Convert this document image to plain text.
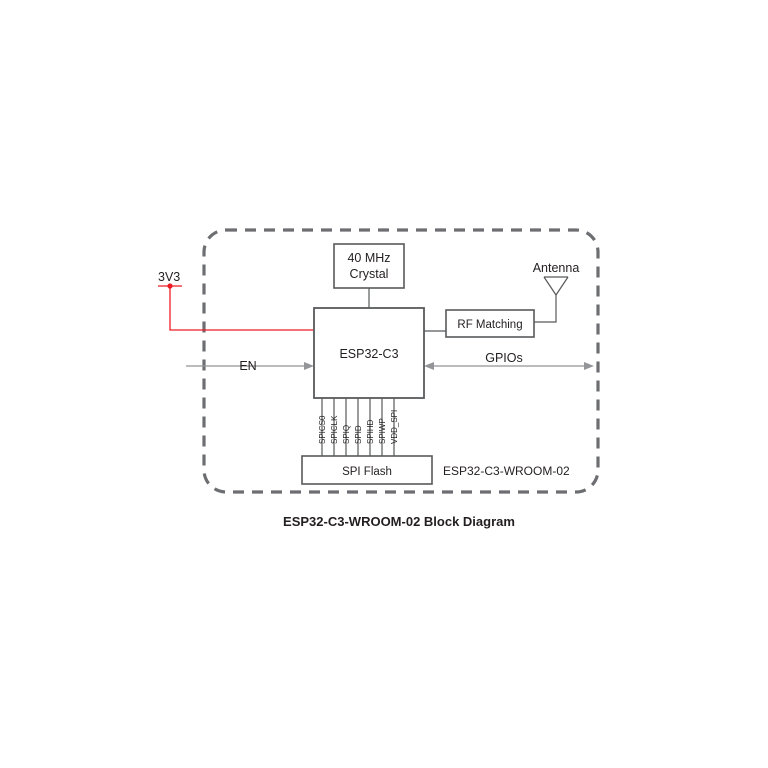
3V3
EN
GPIOs
Antenna
40 MHz
Crystal
ESP32-C3
RF Matching
SPI Flash
SPICS0 SPICLK SPIQ SPID SPIHD SPIWP VDD_SPI
ESP32-C3-WROOM-02
ESP32-C3-WROOM-02 Block Diagram
